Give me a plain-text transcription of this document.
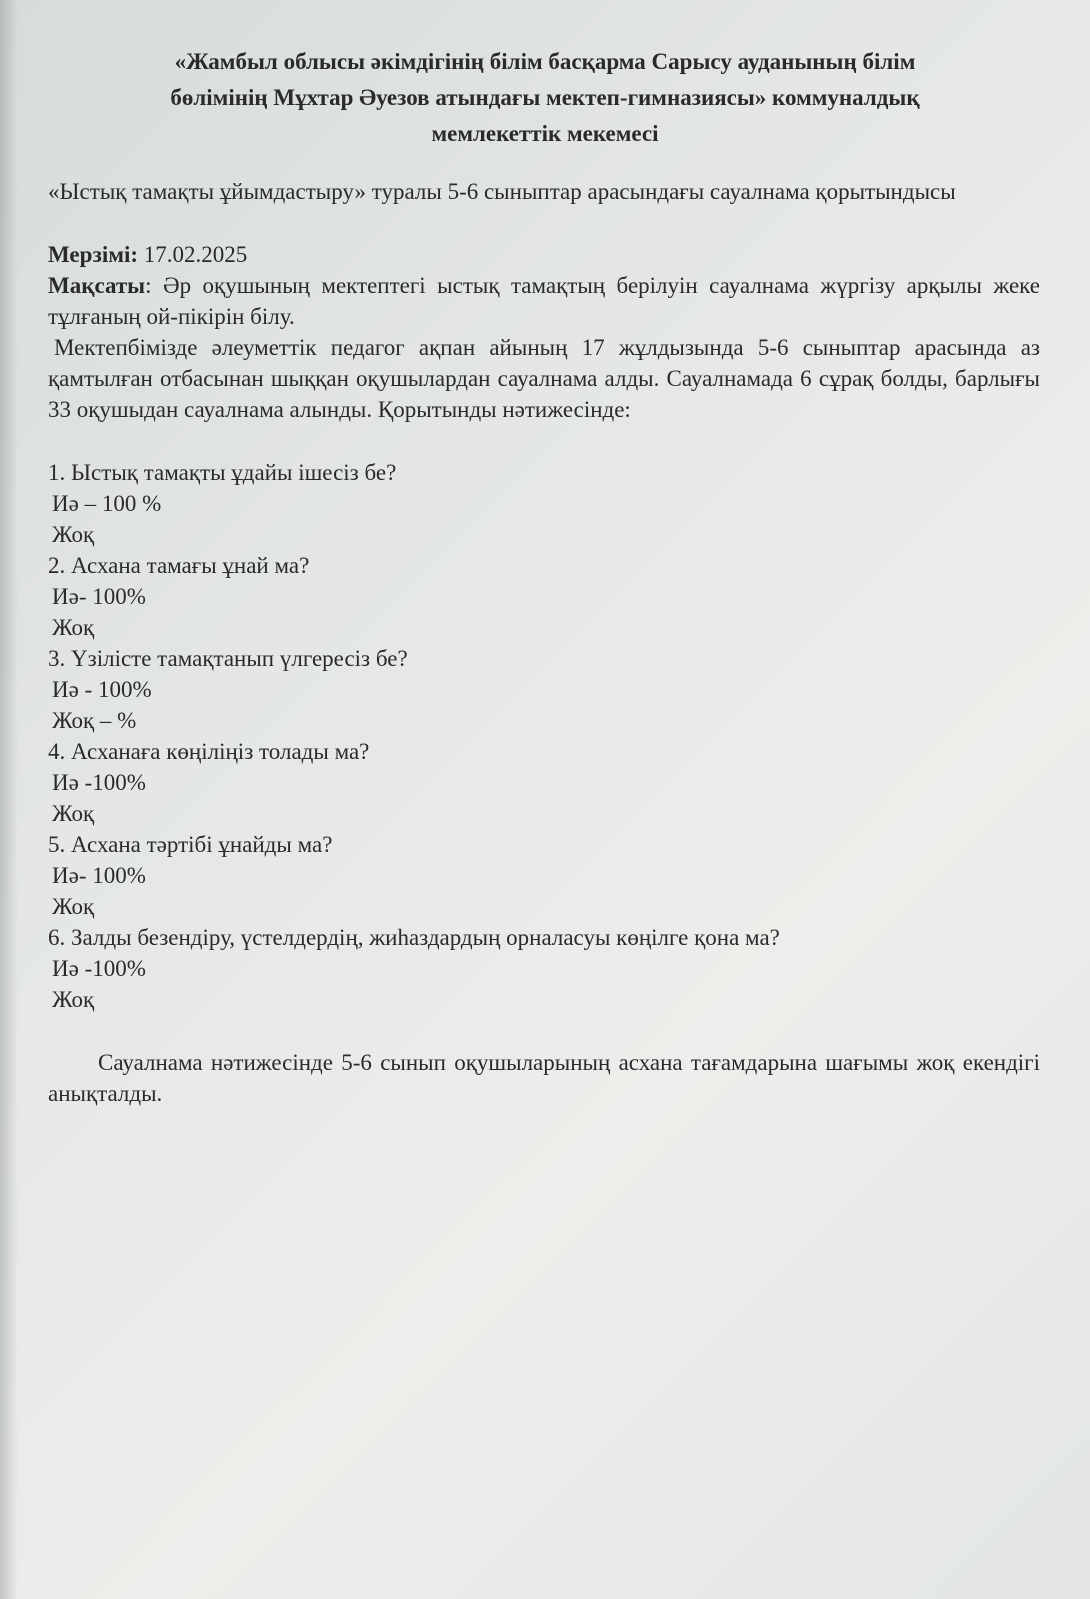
«Жамбыл облысы әкімдігінің білім басқарма Сарысу ауданының білім
бөлімінің Мұхтар Әуезов атындағы мектеп-гимназиясы» коммуналдық
мемлекеттік мекемесі

«Ыстық тамақты ұйымдастыру» туралы 5-6 сыныптар арасындағы сауалнама қорытындысы

Мерзімі: 17.02.2025

Мақсаты: Әр оқушының мектептегі ыстық тамақтың берілуін сауалнама жүргізу арқылы жеке тұлғаның ой-пікірін білу.

Мектепбімізде әлеуметтік педагог ақпан айының 17 жұлдызында 5-6 сыныптар арасында аз қамтылған отбасынан шыққан оқушылардан сауалнама алды. Сауалнамада 6 сұрақ болды, барлығы 33 оқушыдан сауалнама алынды. Қорытынды нәтижесінде:

1. Ыстық тамақты ұдайы ішесіз бе?

Иә – 100 %

Жоқ

2. Асхана тамағы ұнай ма?

Иә- 100%

Жоқ

3. Үзілісте тамақтанып үлгересіз бе?

Иә - 100%

Жоқ – %

4. Асханаға көңіліңіз толады ма?

Иә -100%

Жоқ

5. Асхана тәртібі ұнайды ма?

Иә- 100%

Жоқ

6. Залды безендіру, үстелдердің, жиһаздардың орналасуы көңілге қона ма?

Иә -100%

Жоқ

Сауалнама нәтижесінде 5-6 сынып оқушыларының асхана тағамдарына шағымы жоқ екендігі анықталды.
